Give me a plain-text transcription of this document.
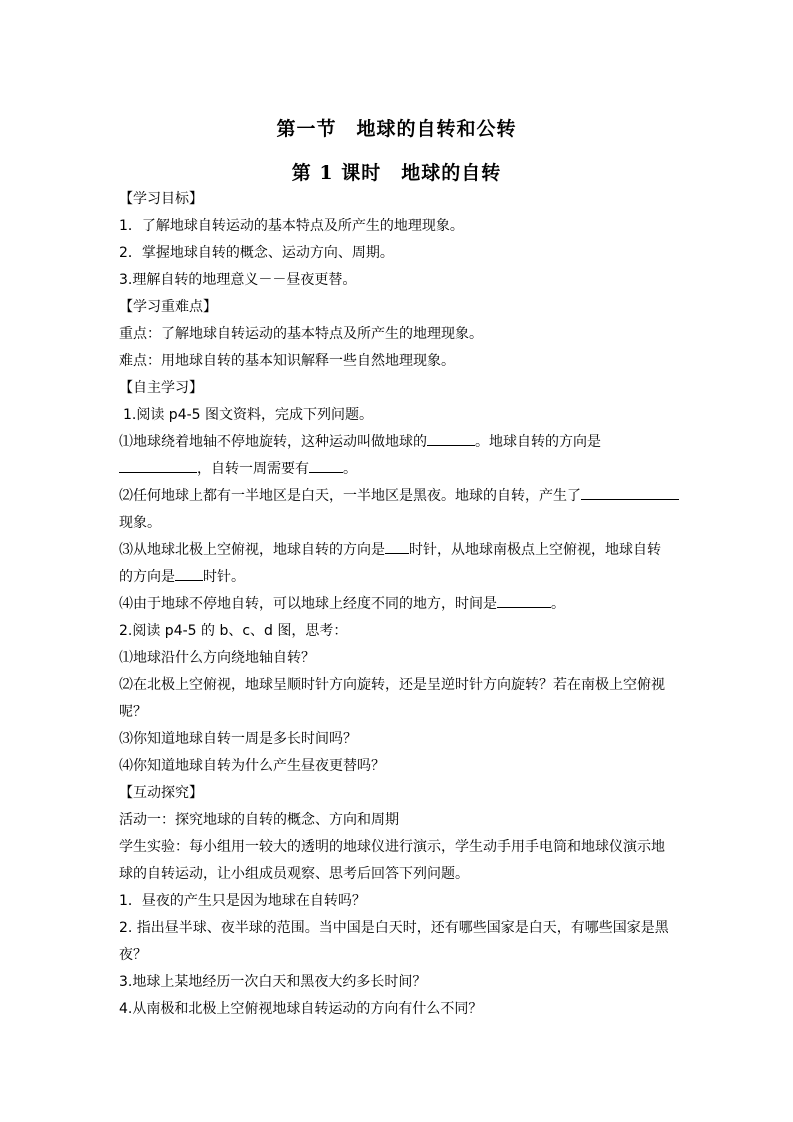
第一节　地球的自转和公转
第 1 课时　地球的自转

【学习目标】

1．了解地球自转运动的基本特点及所产生的地理现象。

2．掌握地球自转的概念、运动方向、周期。

3.理解自转的地理意义－－昼夜更替。

【学习重难点】

重点：了解地球自转运动的基本特点及所产生的地理现象。

难点：用地球自转的基本知识解释一些自然地理现象。

【自主学习】

1.阅读 p4-5 图文资料，完成下列问题。

⑴地球绕着地轴不停地旋转，这种运动叫做地球的	。地球自转的方向是

，自转一周需要有 。

⑵任何地球上都有一半地区是白天，一半地区是黑夜。地球的自转，产生了

现象。

⑶从地球北极上空俯视，地球自转的方向是 时针，从地球南极点上空俯视，地球自转

的方向是 时针。

⑷由于地球不停地自转，可以地球上经度不同的地方，时间是	。

2.阅读 p4-5 的 b、c、d 图，思考：

⑴地球沿什么方向绕地轴自转？

⑵在北极上空俯视，地球呈顺时针方向旋转，还是呈逆时针方向旋转？若在南极上空俯视

呢？

⑶你知道地球自转一周是多长时间吗？

⑷你知道地球自转为什么产生昼夜更替吗？

【互动探究】

活动一：探究地球的自转的概念、方向和周期

学生实验：每小组用一较大的透明的地球仪进行演示，学生动手用手电筒和地球仪演示地

球的自转运动，让小组成员观察、思考后回答下列问题。

1．昼夜的产生只是因为地球在自转吗？

2. 指出昼半球、夜半球的范围。当中国是白天时，还有哪些国家是白天，有哪些国家是黑

夜？

3.地球上某地经历一次白天和黑夜大约多长时间？

4.从南极和北极上空俯视地球自转运动的方向有什么不同？
